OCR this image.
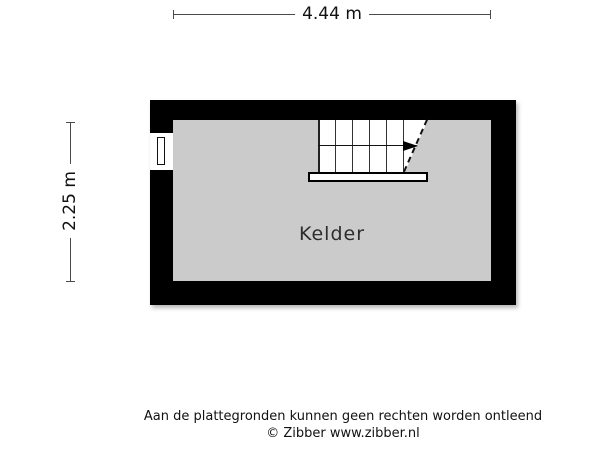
4.44 m
2.25 m
Kelder
Aan de plattegronden kunnen geen rechten worden ontleend
© Zibber www.zibber.nl
